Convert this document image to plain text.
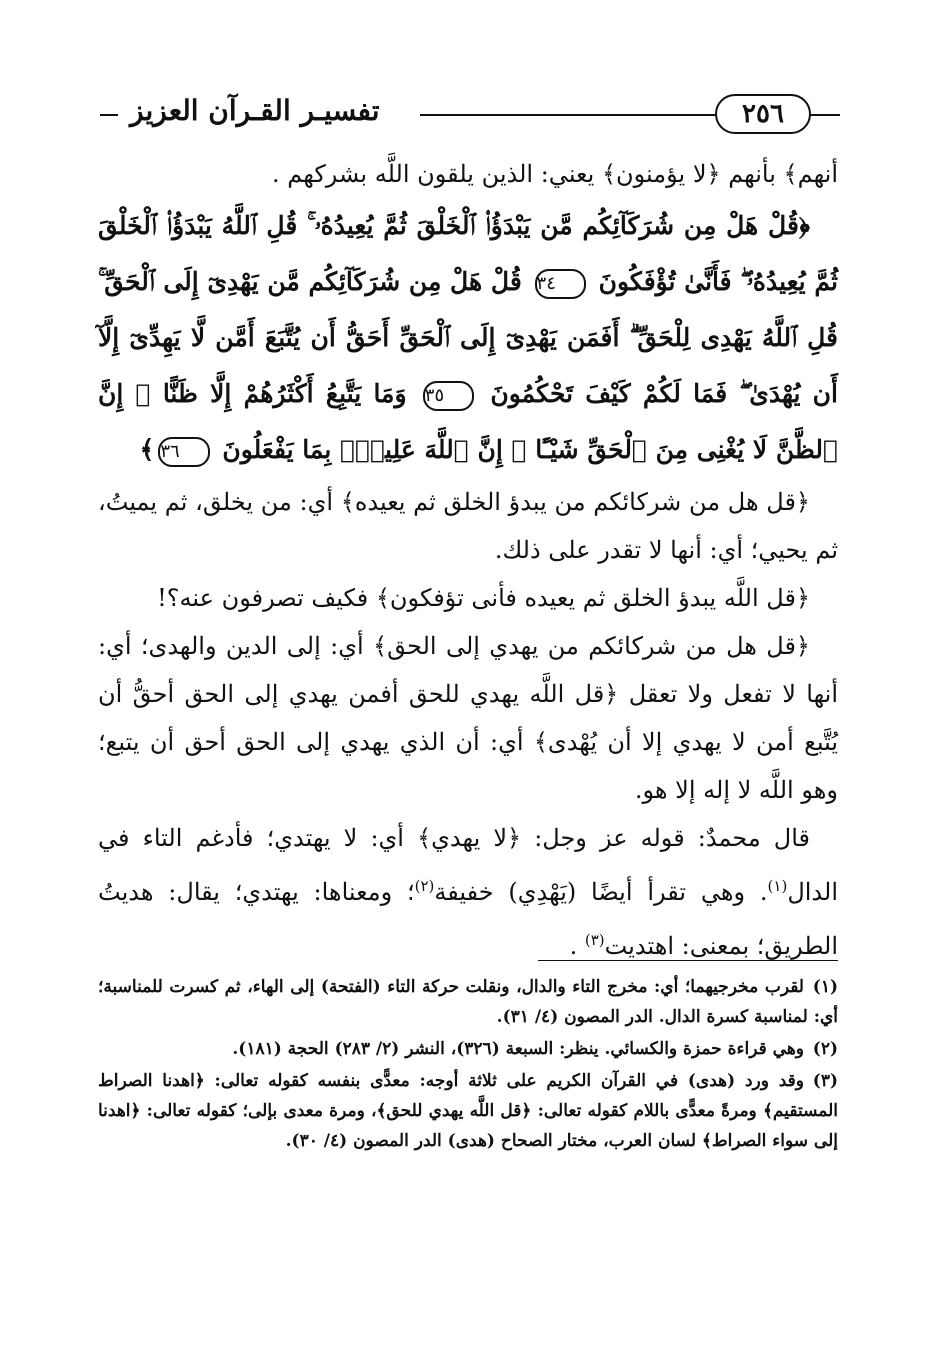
تفسيـر القـرآن العزيز	٢٥٦

أنهم﴾ بأنهم ﴿لا يؤمنون﴾ يعني: الذين يلقون اللَّه بشركهم .

﴿قُلْ هَلْ مِن شُرَكَآئِكُم مَّن يَبْدَؤُا۟ ٱلْخَلْقَ ثُمَّ يُعِيدُهُۥ ۚ قُلِ ٱللَّهُ يَبْدَؤُا۟ ٱلْخَلْقَ ثُمَّ يُعِيدُهُۥ ۖ فَأَنَّىٰ تُؤْفَكُونَ ٣٤ قُلْ هَلْ مِن شُرَكَآئِكُم مَّن يَهْدِىٓ إِلَى ٱلْحَقِّ ۚ قُلِ ٱللَّهُ يَهْدِى لِلْحَقِّ ۗ أَفَمَن يَهْدِىٓ إِلَى ٱلْحَقِّ أَحَقُّ أَن يُتَّبَعَ أَمَّن لَّا يَهِدِّىٓ إِلَّآ أَن يُهْدَىٰ ۖ فَمَا لَكُمْ كَيْفَ تَحْكُمُونَ ٣٥ وَمَا يَتَّبِعُ أَكْثَرُهُمْ إِلَّا ظَنًّا ۚ إِنَّ ٱلظَّنَّ لَا يُغْنِى مِنَ ٱلْحَقِّ شَيْـًٔا ۚ إِنَّ ٱللَّهَ عَلِيمٌۢ بِمَا يَفْعَلُونَ ٣٦﴾

﴿قل هل من شركائكم من يبدؤ الخلق ثم يعيده﴾ أي: من يخلق، ثم يميتُ، ثم يحيي؛ أي: أنها لا تقدر على ذلك.

﴿قل اللَّه يبدؤ الخلق ثم يعيده فأنى تؤفكون﴾ فكيف تصرفون عنه؟!

﴿قل هل من شركائكم من يهدي إلى الحق﴾ أي: إلى الدين والهدى؛ أي: أنها لا تفعل ولا تعقل ﴿قل اللَّه يهدي للحق أفمن يهدي إلى الحق أحقُّ أن يُتَّبع أمن لا يهدي إلا أن يُهْدى﴾ أي: أن الذي يهدي إلى الحق أحق أن يتبع؛ وهو اللَّه لا إله إلا هو.

قال محمدٌ: قوله عز وجل: ﴿لا يهدي﴾ أي: لا يهتدي؛ فأدغم التاء في الدال$^{(١)}$. وهي تقرأ أيضًا (يَهْدِي) خفيفة$^{(٢)}$؛ ومعناها: يهتدي؛ يقال: هديتُ الطريق؛ بمعنى: اهتديت$^{(٣)}$ .

(١)لقرب مخرجيهما؛ أي: مخرج التاء والدال، ونقلت حركة التاء (الفتحة) إلى الهاء، ثم كسرت للمناسبة؛ أي: لمناسبة كسرة الدال. الدر المصون (٤/ ٣١).

(٢)وهي قراءة حمزة والكسائي. ينظر: السبعة (٣٢٦)، النشر (٢/ ٢٨٣) الحجة (١٨١).

(٣)وقد ورد (هدى) في القرآن الكريم على ثلاثة أوجه: معدًّى بنفسه كقوله تعالى: ﴿اهدنا الصراط المستقيم﴾ ومرةً معدًّى باللام كقوله تعالى: ﴿قل اللَّه يهدي للحق﴾، ومرة معدى بإلى؛ كقوله تعالى: ﴿اهدنا إلى سواء الصراط﴾ لسان العرب، مختار الصحاح (هدى) الدر المصون (٤/ ٣٠).
